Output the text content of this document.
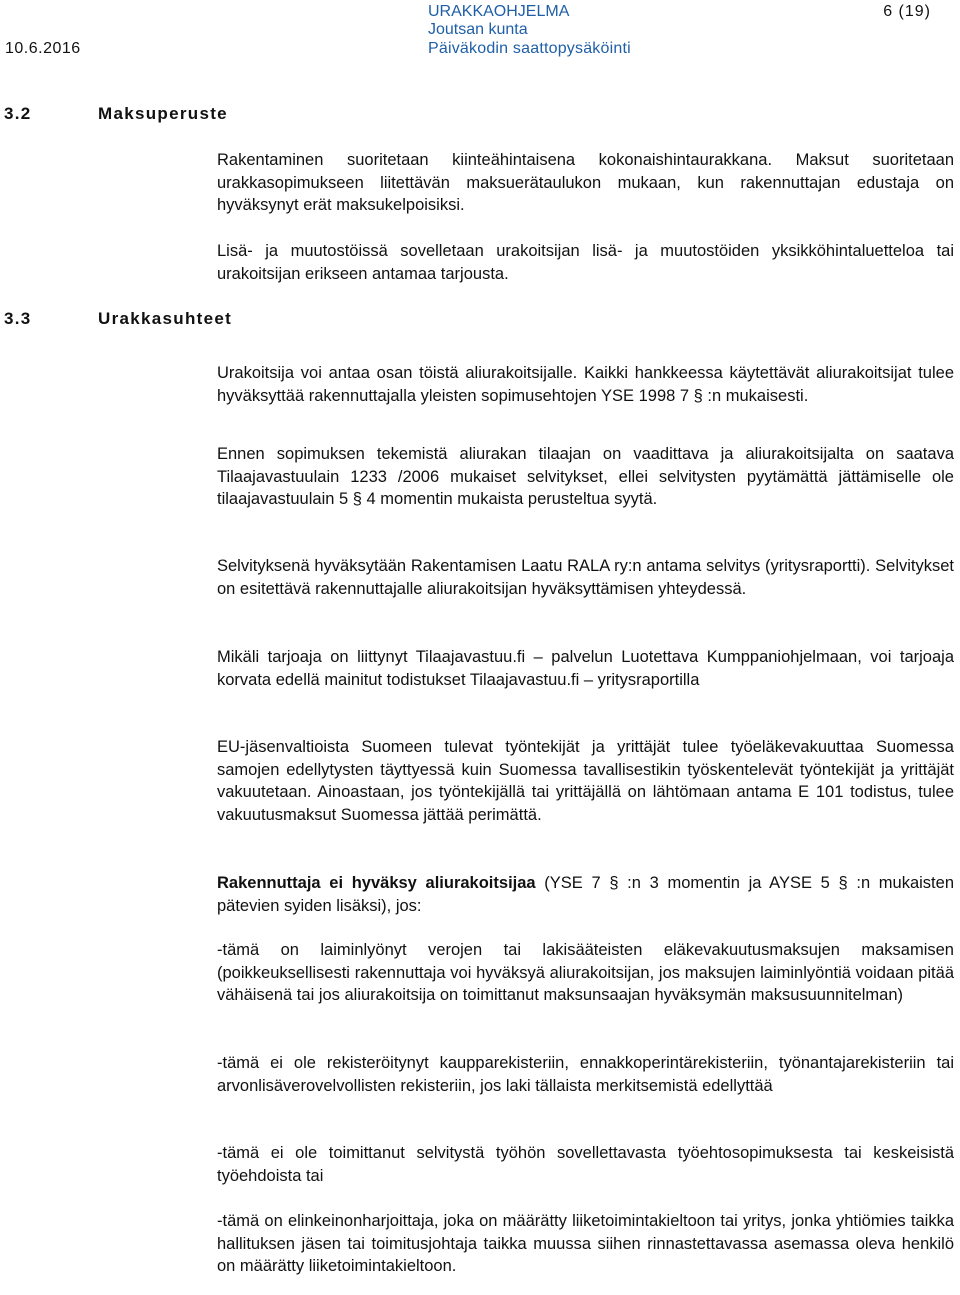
10.6.2016
URAKKAOHJELMA	6 (19)
Joutsan kunta
Päiväkodin saattopysäköinti
3.2	Maksuperuste
3.3	Urakkasuhteet

Rakentaminen suoritetaan kiinteähintaisena kokonaishintaurakkana. Maksut suoritetaan urakkasopimukseen liitettävän maksuerätaulukon mukaan, kun rakennuttajan edustaja on hyväksynyt erät maksukelpoisiksi.

Lisä- ja muutostöissä sovelletaan urakoitsijan lisä- ja muutostöiden yksikköhintaluetteloa tai urakoitsijan erikseen antamaa tarjousta.

Urakoitsija voi antaa osan töistä aliurakoitsijalle. Kaikki hankkeessa käytettävät aliurakoitsijat tulee hyväksyttää rakennuttajalla yleisten sopimusehtojen YSE 1998 7 § :n mukaisesti.

Ennen sopimuksen tekemistä aliurakan tilaajan on vaadittava ja aliurakoitsijalta on saatava Tilaajavastuulain 1233 /2006 mukaiset selvitykset, ellei selvitysten pyytämättä jättämiselle ole tilaajavastuulain 5 § 4 momentin mukaista perusteltua syytä.

Selvityksenä hyväksytään Rakentamisen Laatu RALA ry:n antama selvitys (yritysraportti). Selvitykset on esitettävä rakennuttajalle aliurakoitsijan hyväksyttämisen yhteydessä.

Mikäli tarjoaja on liittynyt Tilaajavastuu.fi – palvelun Luotettava Kumppaniohjelmaan, voi tarjoaja korvata edellä mainitut todistukset Tilaajavastuu.fi – yritysraportilla

EU-jäsenvaltioista Suomeen tulevat työntekijät ja yrittäjät tulee työeläkevakuuttaa Suomessa samojen edellytysten täyttyessä kuin Suomessa tavallisestikin työskentelevät työntekijät ja yrittäjät vakuutetaan. Ainoastaan, jos työntekijällä tai yrittäjällä on lähtömaan antama E 101 todistus, tulee vakuutusmaksut Suomessa jättää perimättä.

Rakennuttaja ei hyväksy aliurakoitsijaa (YSE 7 § :n 3 momentin ja AYSE 5 § :n mukaisten pätevien syiden lisäksi), jos:

-tämä on laiminlyönyt verojen tai lakisääteisten eläkevakuutusmaksujen maksamisen (poikkeuksellisesti rakennuttaja voi hyväksyä aliurakoitsijan, jos maksujen laiminlyöntiä voidaan pitää vähäisenä tai jos aliurakoitsija on toimittanut maksunsaajan hyväksymän maksusuunnitelman)

-tämä ei ole rekisteröitynyt kaupparekisteriin, ennakkoperintärekisteriin, työnantajarekisteriin tai arvonlisäverovelvollisten rekisteriin, jos laki tällaista merkitsemistä edellyttää

-tämä ei ole toimittanut selvitystä työhön sovellettavasta työehtosopimuksesta tai keskeisistä työehdoista tai

-tämä on elinkeinonharjoittaja, joka on määrätty liiketoimintakieltoon tai yritys, jonka yhtiömies taikka hallituksen jäsen tai toimitusjohtaja taikka muussa siihen rinnastettavassa asemassa oleva henkilö on määrätty liiketoimintakieltoon.
